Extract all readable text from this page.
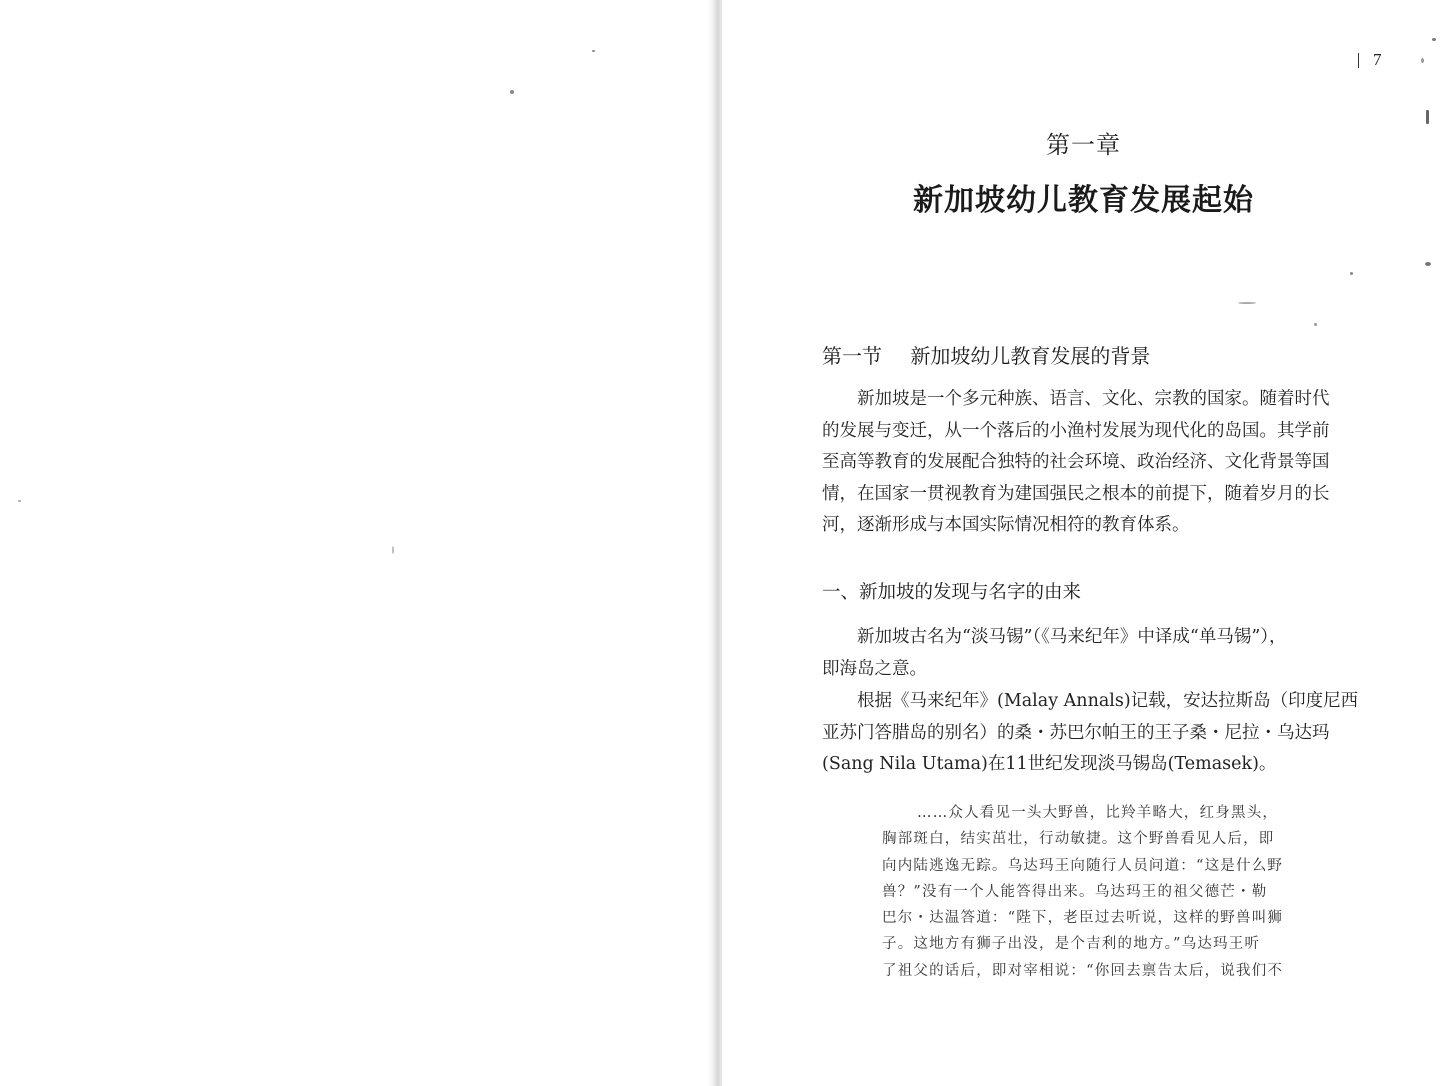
7
第一章
新加坡幼儿教育发展起始
第一节 新加坡幼儿教育发展的背景
新加坡是一个多元种族、语言、文化、宗教的国家。随着时代
的发展与变迁，从一个落后的小渔村发展为现代化的岛国。其学前
至高等教育的发展配合独特的社会环境、政治经济、文化背景等国
情，在国家一贯视教育为建国强民之根本的前提下，随着岁月的长
河，逐渐形成与本国实际情况相符的教育体系。
一、新加坡的发现与名字的由来
新加坡古名为“淡马锡”（《马来纪年》中译成“单马锡”），
即海岛之意。
根据《马来纪年》(Malay Annals)记载，安达拉斯岛（印度尼西
亚苏门答腊岛的别名）的桑・苏巴尔帕王的王子桑・尼拉・乌达玛
(Sang Nila Utama)在11世纪发现淡马锡岛(Temasek)。
……众人看见一头大野兽，比羚羊略大，红身黑头，
胸部斑白，结实茁壮，行动敏捷。这个野兽看见人后，即
向内陆逃逸无踪。乌达玛王向随行人员问道：“这是什么野
兽？”没有一个人能答得出来。乌达玛王的祖父德芒・勒
巴尔・达温答道：“陛下，老臣过去听说，这样的野兽叫狮
子。这地方有狮子出没，是个吉利的地方。”乌达玛王听
了祖父的话后，即对宰相说：“你回去禀告太后，说我们不
